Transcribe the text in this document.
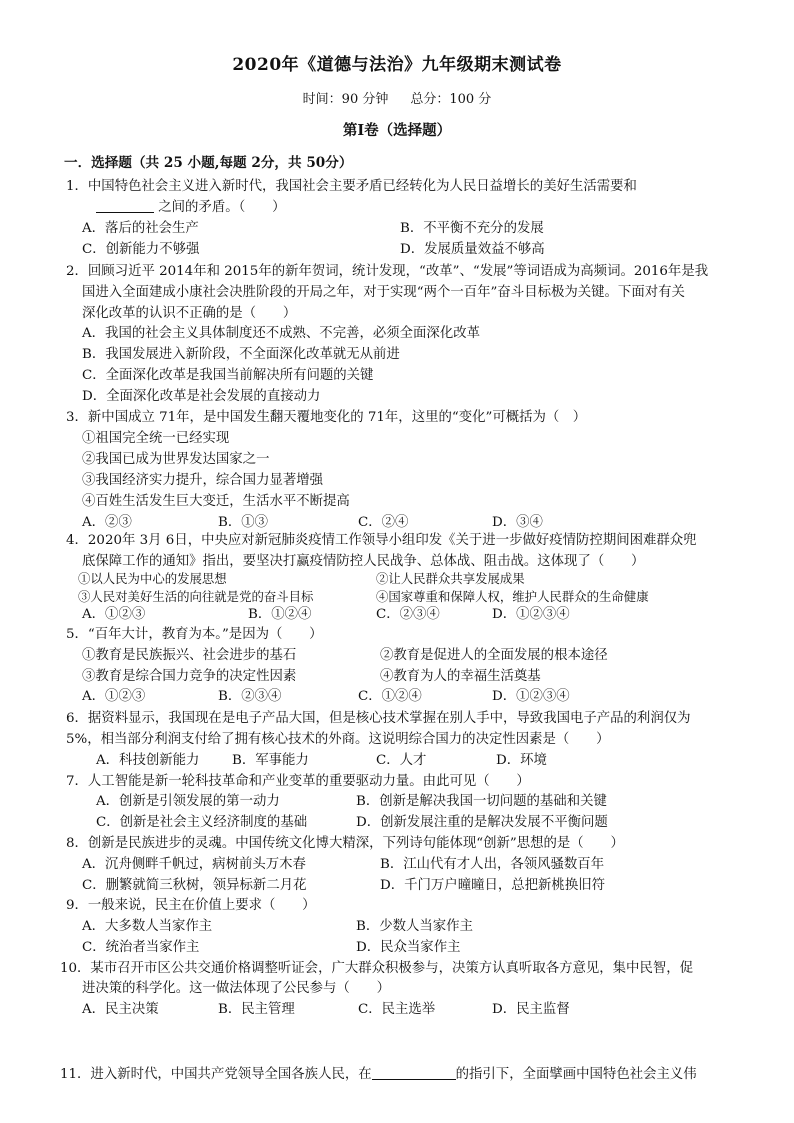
2020年《道德与法治》九年级期末测试卷
时间：90 分钟 总分：100 分
第Ⅰ卷（选择题）
一．选择题（共 25 小题,每题 2分，共 50分）
1．中国特色社会主义进入新时代，我国社会主要矛盾已经转化为人民日益增长的美好生活需要和
之间的矛盾。（　　）
A．落后的社会生产	B．不平衡不充分的发展
C．创新能力不够强	D．发展质量效益不够高
2．回顾习近平 2014年和 2015年的新年贺词，统计发现，“改革”、“发展”等词语成为高频词。2016年是我
国进入全面建成小康社会决胜阶段的开局之年，对于实现“两个一百年”奋斗目标极为关键。下面对有关
深化改革的认识不正确的是（　　）
A．我国的社会主义具体制度还不成熟、不完善，必须全面深化改革
B．我国发展进入新阶段，不全面深化改革就无从前进
C．全面深化改革是我国当前解决所有问题的关键
D．全面深化改革是社会发展的直接动力
3．新中国成立 71年，是中国发生翻天覆地变化的 71年，这里的“变化”可概括为（　）
①祖国完全统一已经实现
②我国已成为世界发达国家之一
③我国经济实力提升，综合国力显著增强
④百姓生活发生巨大变迁，生活水平不断提高
A．②③	B．①③	C．②④	D．③④
4．2020年 3月 6日，中央应对新冠肺炎疫情工作领导小组印发《关于进一步做好疫情防控期间困难群众兜
底保障工作的通知》指出，要坚决打赢疫情防控人民战争、总体战、阻击战。这体现了（　　）
①以人民为中心的发展思想	②让人民群众共享发展成果
③人民对美好生活的向往就是党的奋斗目标	④国家尊重和保障人权，维护人民群众的生命健康
A．①②③	B．①②④	C．②③④	D．①②③④
5．“百年大计，教育为本。”是因为（　　）
①教育是民族振兴、社会进步的基石	②教育是促进人的全面发展的根本途径
③教育是综合国力竞争的决定性因素	④教育为人的幸福生活奠基
A．①②③	B．②③④	C．①②④	D．①②③④
6．据资料显示，我国现在是电子产品大国，但是核心技术掌握在别人手中，导致我国电子产品的利润仅为
5%，相当部分利润支付给了拥有核心技术的外商。这说明综合国力的决定性因素是（　　）
A．科技创新能力 B．军事能力	C．人才	D．环境
7．人工智能是新一轮科技革命和产业变革的重要驱动力量。由此可见（　　）
A．创新是引领发展的第一动力	B．创新是解决我国一切问题的基础和关键
C．创新是社会主义经济制度的基础	D．创新发展注重的是解决发展不平衡问题
8．创新是民族进步的灵魂。中国传统文化博大精深，下列诗句能体现“创新”思想的是（　　）
A．沉舟侧畔千帆过，病树前头万木春	B．江山代有才人出，各领风骚数百年
C．删繁就简三秋树，领异标新二月花	D．千门万户曈曈日，总把新桃换旧符
9．一般来说，民主在价值上要求（　　）
A．大多数人当家作主	B．少数人当家作主
C．统治者当家作主	D．民众当家作主
10．某市召开市区公共交通价格调整听证会，广大群众积极参与，决策方认真听取各方意见，集中民智，促
进决策的科学化。这一做法体现了公民参与（　　）
A．民主决策	B．民主管理	C．民主选举	D．民主监督
11．进入新时代，中国共产党领导全国各族人民，在	的指引下，全面擘画中国特色社会主义伟
